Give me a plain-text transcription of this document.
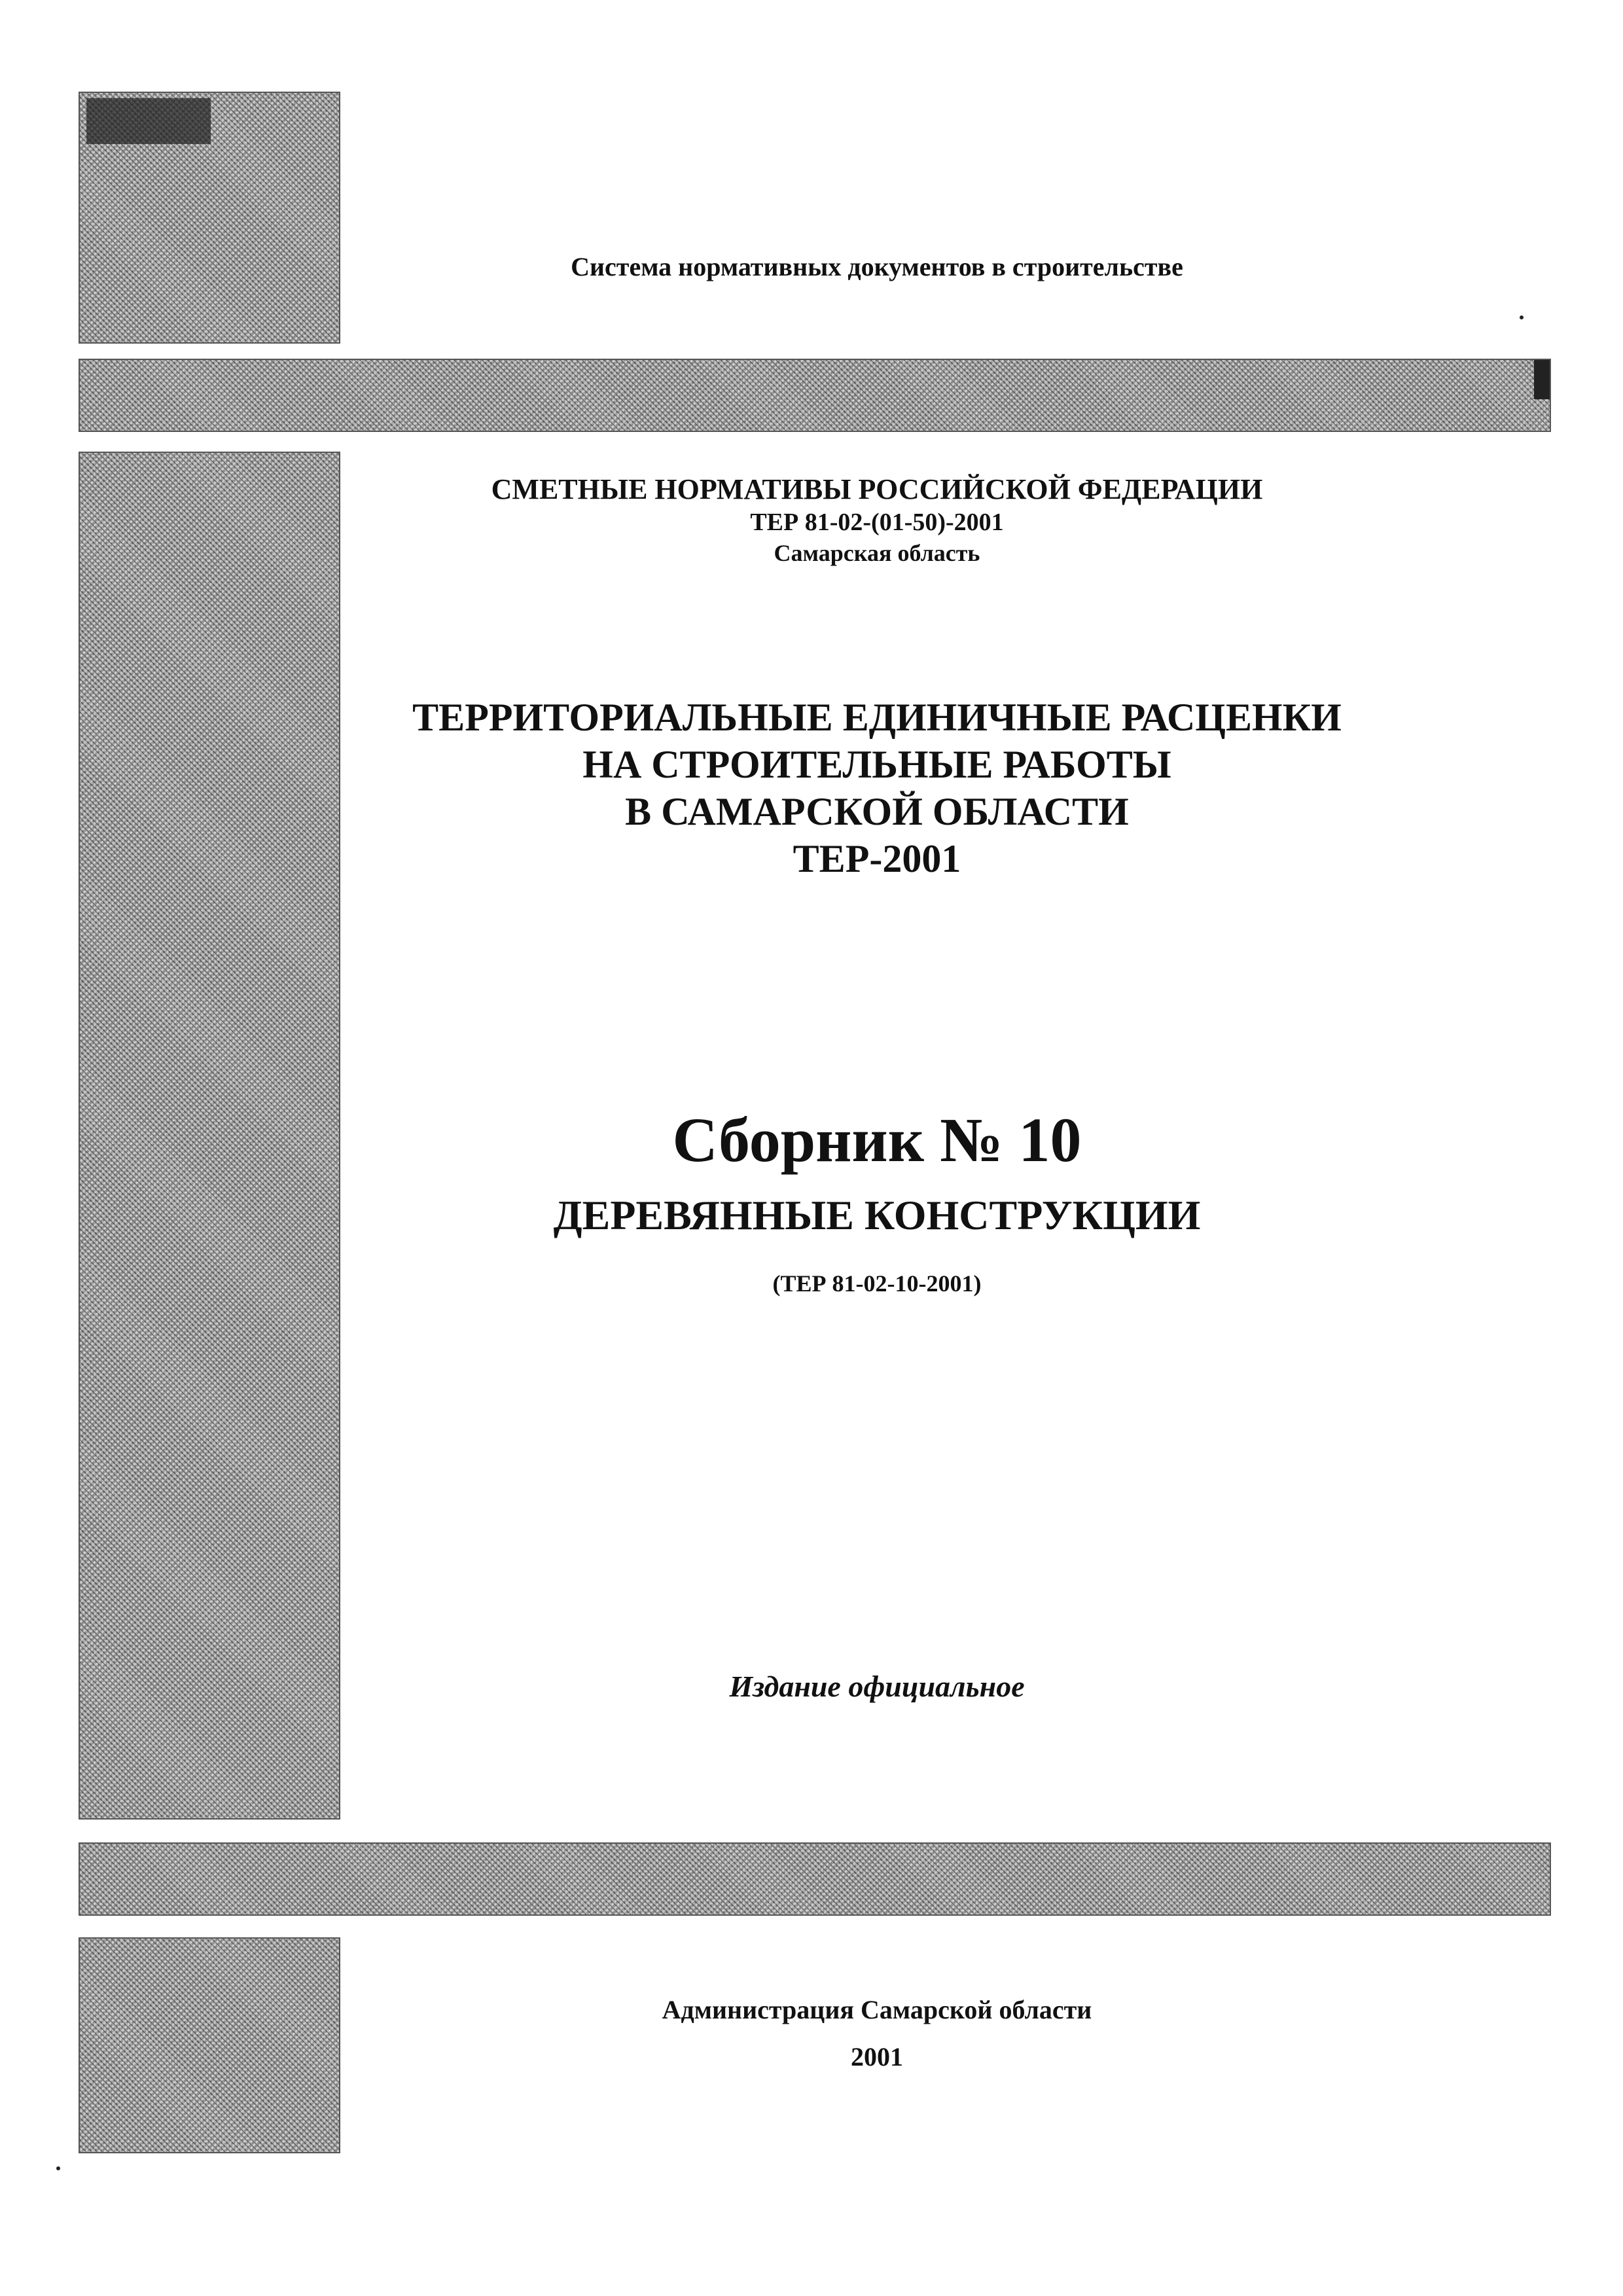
Система нормативных документов в строительстве
СМЕТНЫЕ НОРМАТИВЫ РОССИЙСКОЙ ФЕДЕРАЦИИ
ТЕР 81-02-(01-50)-2001
Самарская область
ТЕРРИТОРИАЛЬНЫЕ ЕДИНИЧНЫЕ РАСЦЕНКИ
НА СТРОИТЕЛЬНЫЕ РАБОТЫ
В САМАРСКОЙ ОБЛАСТИ
ТЕР-2001
Сборник № 10
ДЕРЕВЯННЫЕ КОНСТРУКЦИИ
(ТЕР 81-02-10-2001)
Издание официальное
Администрация Самарской области
2001
